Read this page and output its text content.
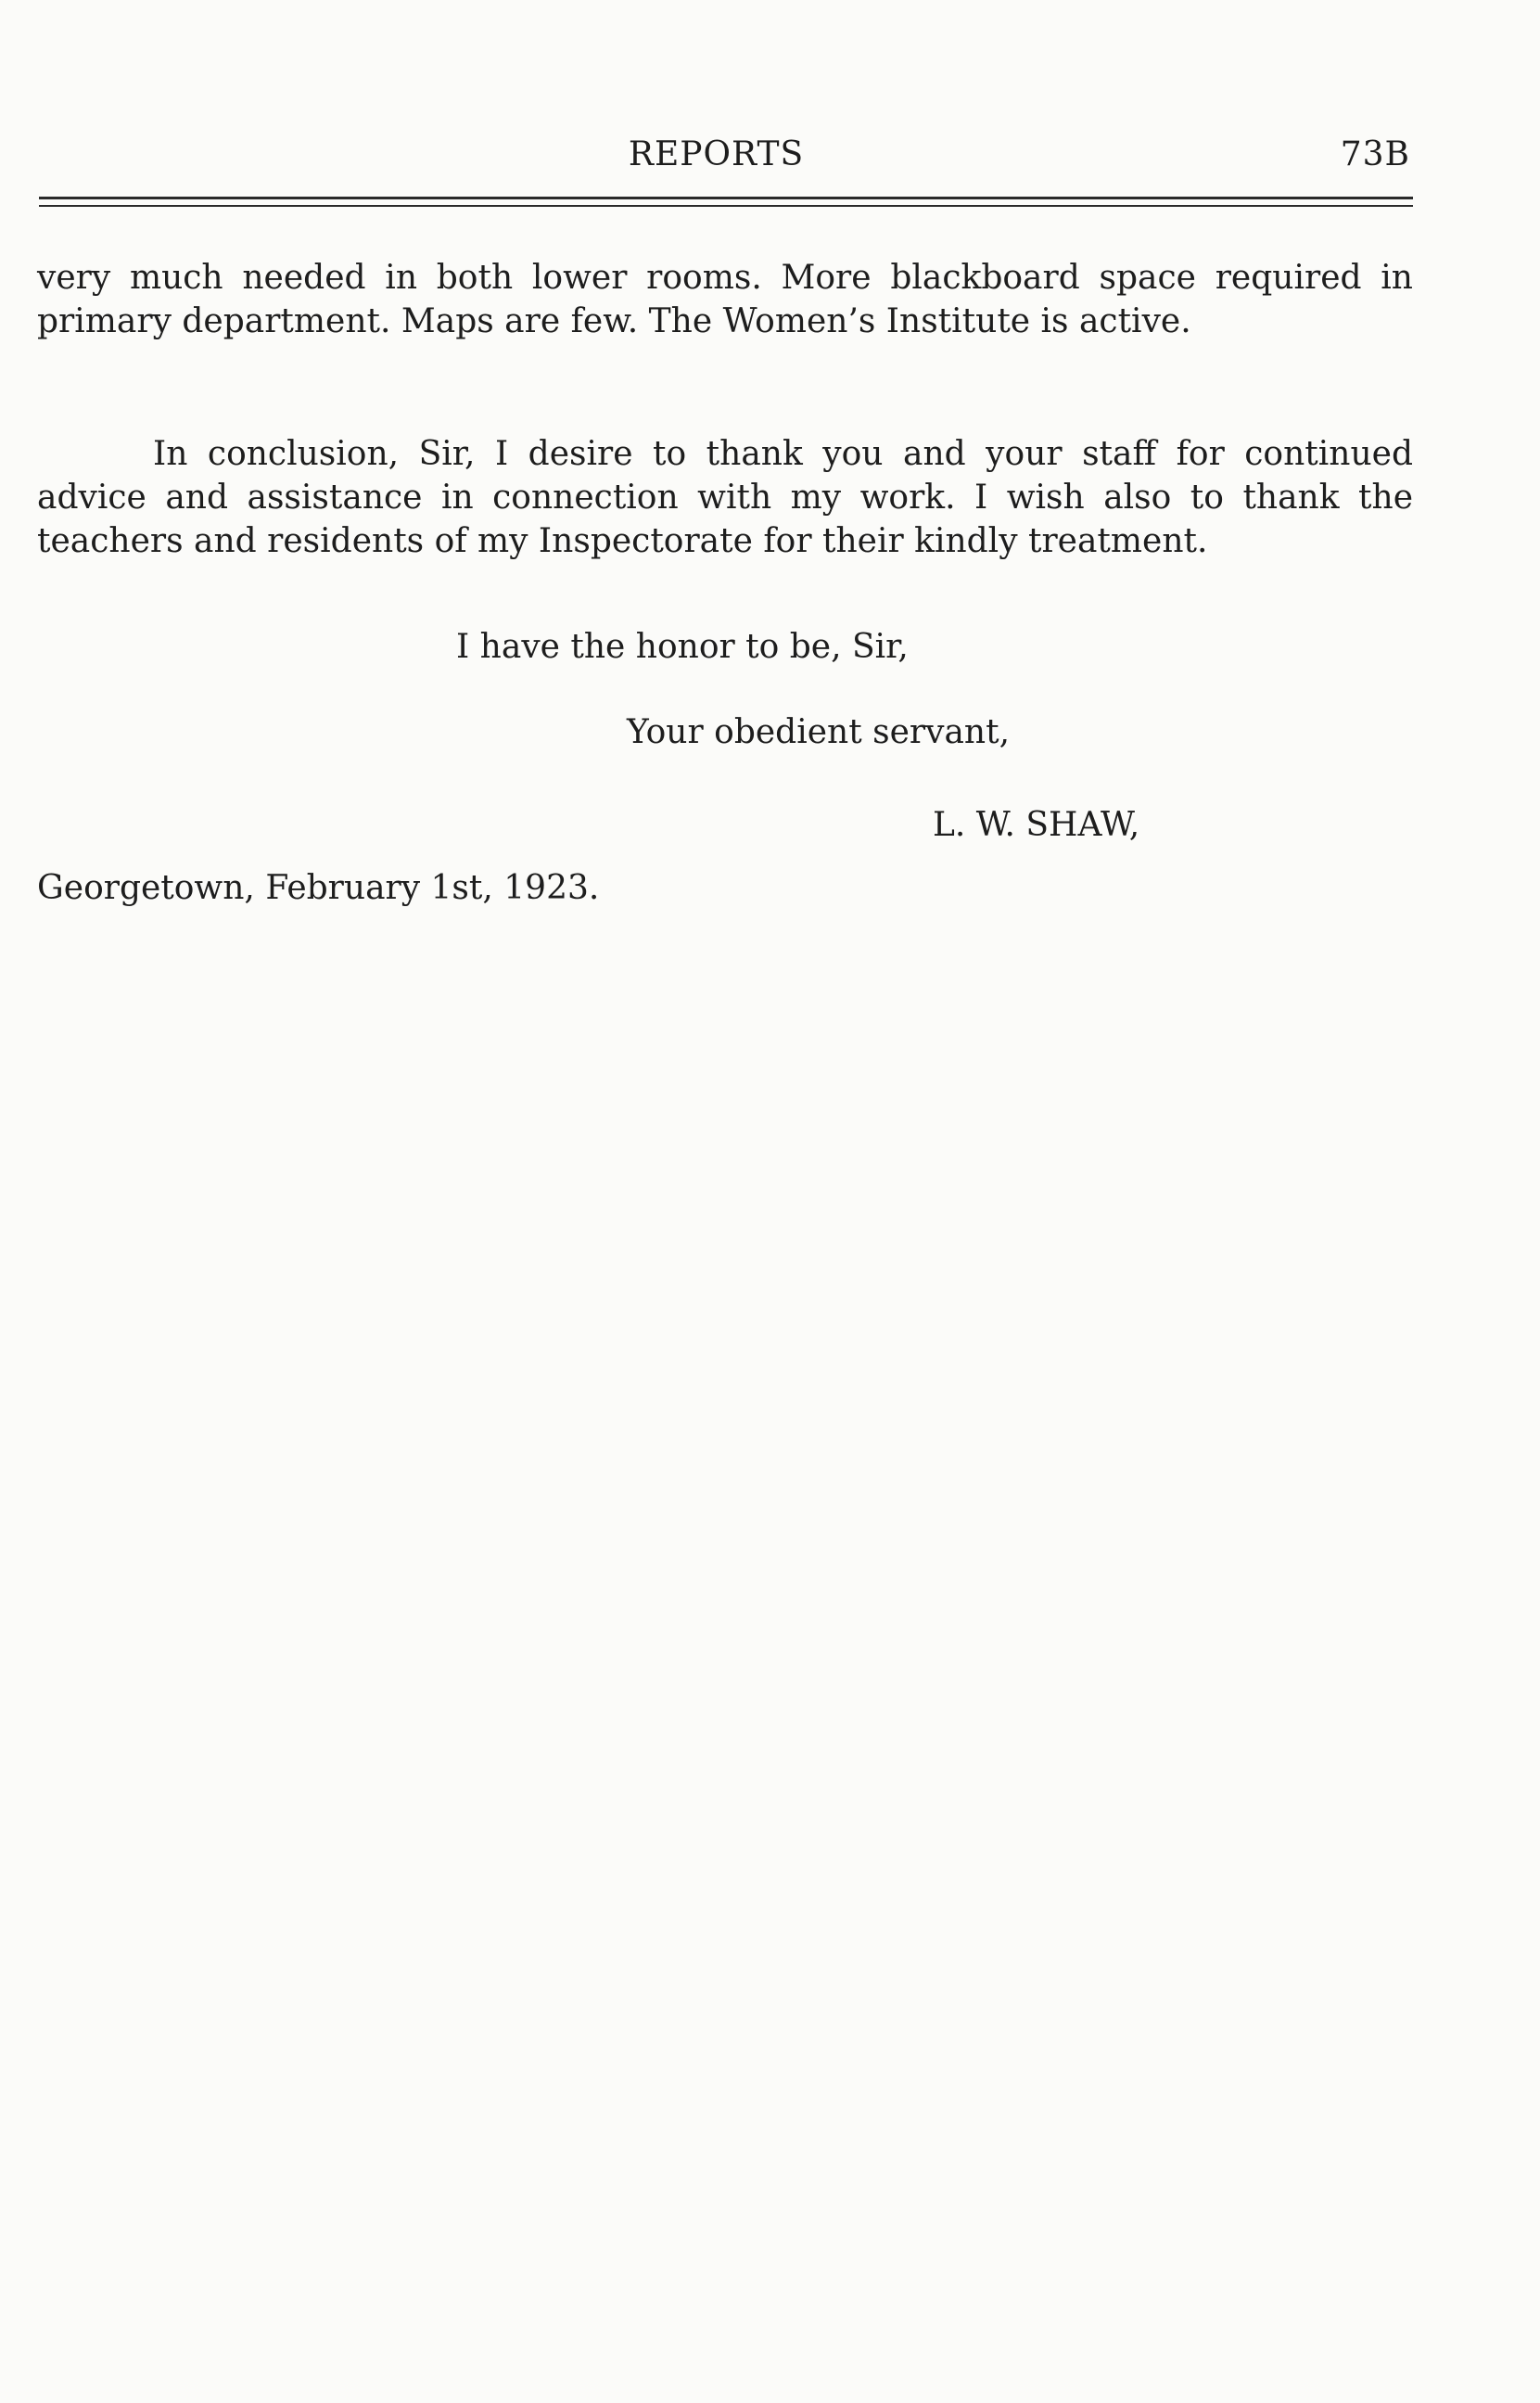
REPORTS	73B
very much needed in both lower rooms. More blackboard space required in primary department. Maps are few. The Women’s Institute is active.
In conclusion, Sir, I desire to thank you and your staff for continued advice and assistance in connection with my work. I wish also to thank the teachers and residents of my Inspectorate for their kindly treatment.
I have the honor to be, Sir,
Your obedient servant,
L. W. SHAW,
Georgetown, February 1st, 1923.
